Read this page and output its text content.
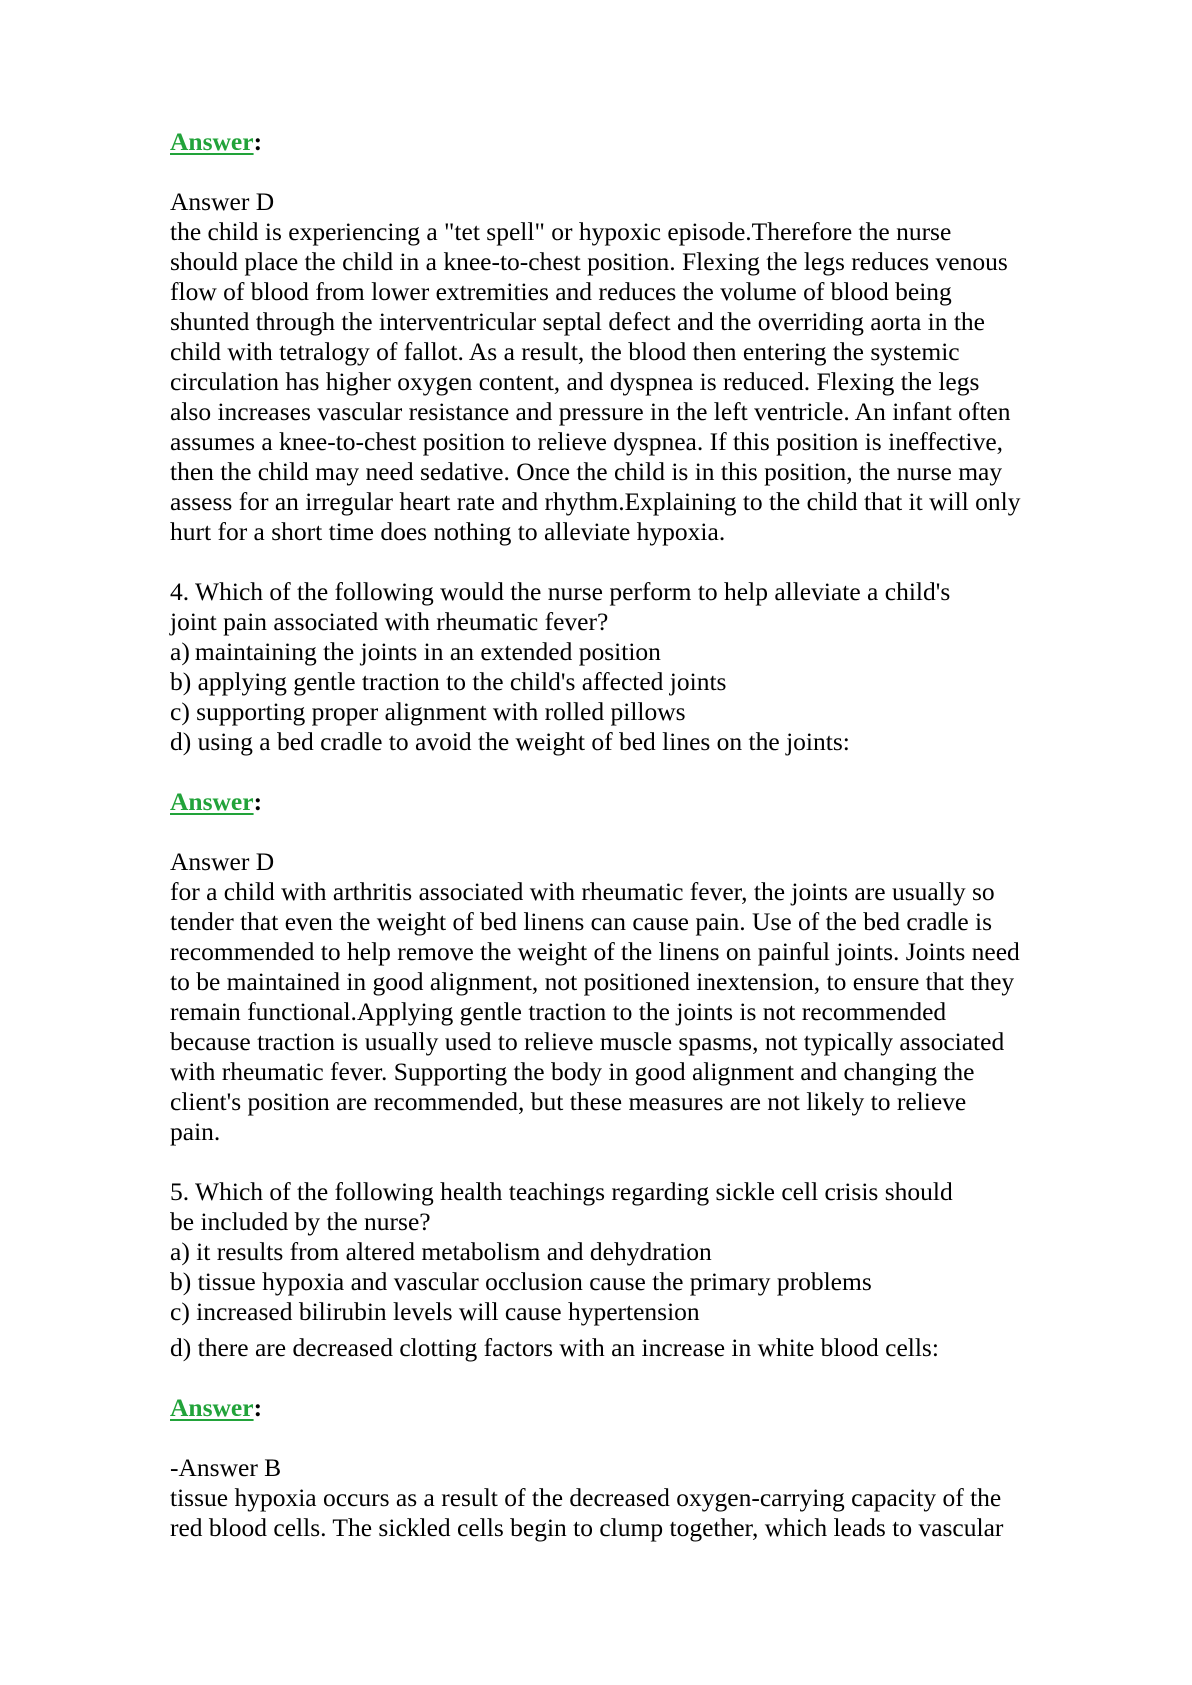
Answer:
Answer D
the child is experiencing a "tet spell" or hypoxic episode.Therefore the nurse
should place the child in a knee-to-chest position. Flexing the legs reduces venous
flow of blood from lower extremities and reduces the volume of blood being
shunted through the interventricular septal defect and the overriding aorta in the
child with tetralogy of fallot. As a result, the blood then entering the systemic
circulation has higher oxygen content, and dyspnea is reduced. Flexing the legs
also increases vascular resistance and pressure in the left ventricle. An infant often
assumes a knee-to-chest position to relieve dyspnea. If this position is ineffective,
then the child may need sedative. Once the child is in this position, the nurse may
assess for an irregular heart rate and rhythm.Explaining to the child that it will only
hurt for a short time does nothing to alleviate hypoxia.
4. Which of the following would the nurse perform to help alleviate a child's
joint pain associated with rheumatic fever?
a) maintaining the joints in an extended position
b) applying gentle traction to the child's affected joints
c) supporting proper alignment with rolled pillows
d) using a bed cradle to avoid the weight of bed lines on the joints:
Answer:
Answer D
for a child with arthritis associated with rheumatic fever, the joints are usually so
tender that even the weight of bed linens can cause pain. Use of the bed cradle is
recommended to help remove the weight of the linens on painful joints. Joints need
to be maintained in good alignment, not positioned inextension, to ensure that they
remain functional.Applying gentle traction to the joints is not recommended
because traction is usually used to relieve muscle spasms, not typically associated
with rheumatic fever. Supporting the body in good alignment and changing the
client's position are recommended, but these measures are not likely to relieve
pain.
5. Which of the following health teachings regarding sickle cell crisis should
be included by the nurse?
a) it results from altered metabolism and dehydration
b) tissue hypoxia and vascular occlusion cause the primary problems
c) increased bilirubin levels will cause hypertension
d) there are decreased clotting factors with an increase in white blood cells:
Answer:
-Answer B
tissue hypoxia occurs as a result of the decreased oxygen-carrying capacity of the
red blood cells. The sickled cells begin to clump together, which leads to vascular
